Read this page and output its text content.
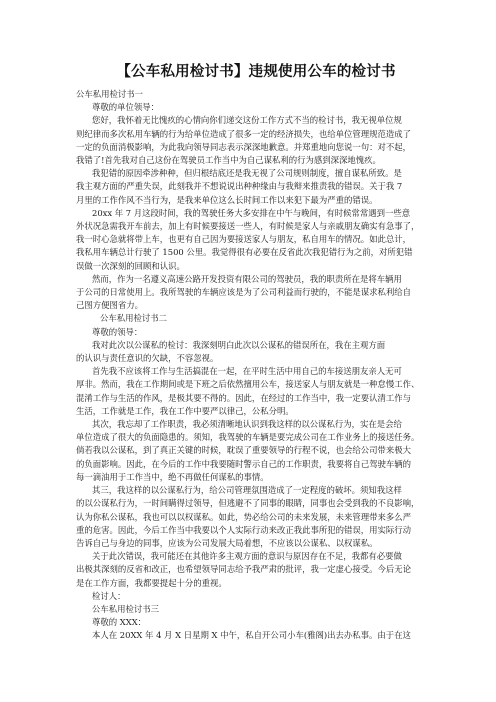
【公车私用检讨书】违规使用公车的检讨书
公车私用检讨书一
尊敬的单位领导：
您好，我怀着无比愧疚的心情向你们递交这份工作方式不当的检讨书，我无视单位规
则纪律而多次私用车辆的行为给单位造成了很多一定的经济损失，也给单位管理规范造成了
一定的负面消极影响，为此我向领导同志表示深深地歉意。并郑重地向您说一句：对不起，
我错了!首先我对自己这份在驾驶员工作当中为自己谋私利的行为感到深深地愧疚。
我犯错的原因牵涉种种，但归根结底还是我无视了公司规则制度，擅自谋私所致。是
我主观方面的严重失误，此刻我并不想说说出种种缘由与我辩来推责我的错误。关于我 7
月里的工作作风不当行为，是我来单位这么长时间工作以来犯下最为严重的错误。
20xx 年 7 月这段时间，我的驾驶任务大多安排在中午与晚间，有时候常常遇到一些意
外状况急需我开车前去，加上有时候要接送一些人，有时候是家人与亲戚朋友确实有急事了，
我一时心急就将带上车，也更有自己因为要接送家人与朋友，私自用车的情况。如此总计，
我私用车辆总计行驶了 1500 公里。我觉得很有必要在反省此次我犯错行为之前，对所犯错
误做一次深刻的回顾和认识。
然而，作为一名遵义高速公路开发投资有限公司的驾驶员，我的职责所在是将车辆用
于公司的日常使用上。我所驾驶的车辆应该是为了公司利益而行驶的，不能是谋求私利给自
己图方便图省力。
公车私用检讨书二
尊敬的领导：
我对此次以公谋私的检讨：我深刻明白此次以公谋私的错误所在，我在主观方面
的认识与责任意识的欠缺，不容忽视。
首先我不应该将工作与生活搞混在一起，在平时生活中用自己的车接送朋友亲人无可
厚非。然而，我在工作期间或是下班之后依然擅用公车，接送家人与朋友就是一种怠慢工作、
混淆工作与生活的作风，是极其要不得的。因此，在经过的工作当中，我一定要认清工作与
生活，工作就是工作，我在工作中要严以律己，公私分明。
其次，我忘却了工作职责，我必须清晰地认识到我这样的以公谋私行为，实在是会给
单位造成了很大的负面隐患的。须知，我驾驶的车辆是要完成公司在工作业务上的接送任务。
倘若我以公谋私，到了真正关键的时候，耽误了重要领导的行程不说，也会给公司带来极大
的负面影响。因此，在今后的工作中我要随时警示自己的工作职责，我要将自己驾驶车辆的
每一滴油用于工作当中，绝不再做任何谋私的事情。
其三，我这样的以公谋私行为，给公司管理氛围造成了一定程度的破坏。须知我这样
的以公谋私行为，一时间瞒得过领导，但逃避不了同事的眼睛，同事也会受到我的不良影响，
认为你私公谋私，我也可以以权谋私。如此，势必给公司的未来发展，未来管理带来多么严
重的危害。因此，今后工作当中我要以个人实际行动来改正我此事所犯的错误，用实际行动
告诉自己与身边的同事，应该为公司发展大局着想，不应该以公谋私、以权谋私。
关于此次错误，我可能还在其他许多主观方面的意识与原因存在不足，我都有必要做
出极其深刻的反省和改正，也希望领导同志给予我严肃的批评，我一定虚心接受。今后无论
是在工作方面，我都要提起十分的重视。
检讨人：
公车私用检讨书三
尊敬的 XXX：
本人在 20XX 年 4 月 X 日星期 X 中午，私自开公司小车(雅阁)出去办私事。由于在这
